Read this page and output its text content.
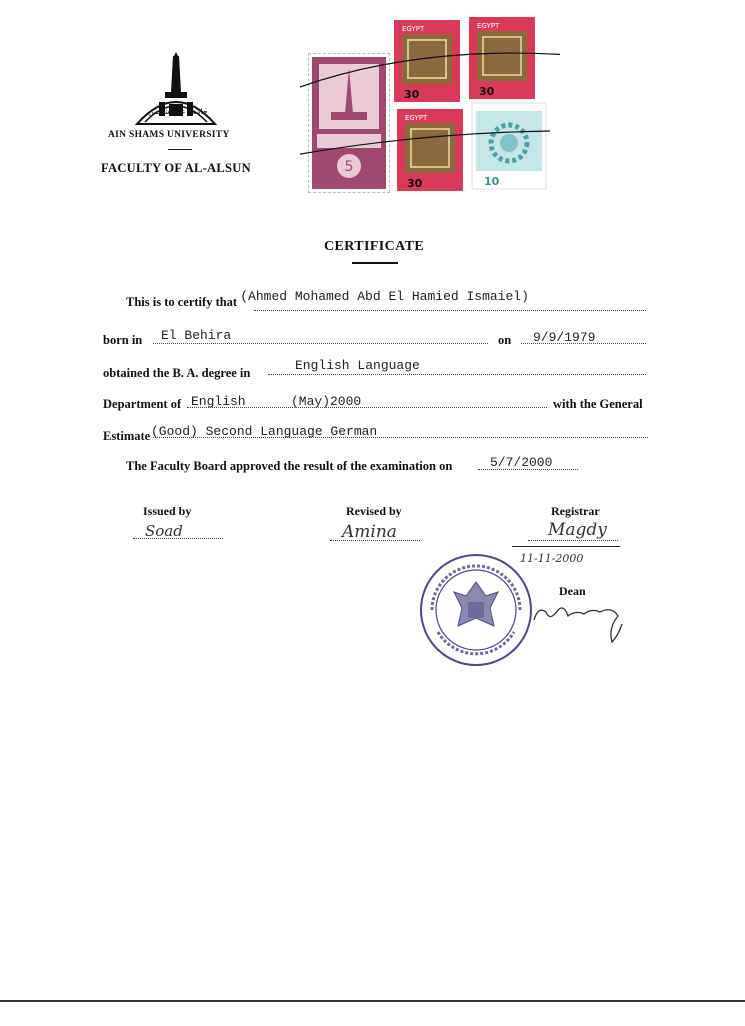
جامعة عين شمس
AIN SHAMS UNIVERSITY
FACULTY OF AL-ALSUN	5
EGYPT
30
EGYPT
30
EGYPT
30	10
CERTIFICATE
This is to certify that (Ahmed Mohamed Abd El Hamied Ismaiel)
born in El Behira	on 9/9/1979
obtained the B. A. degree in	English Language
Department of English	(May)2000	with the General
Estimate (Good) Second Language German
The Faculty Board approved the result of the examination on	5/7/2000
Issued by
Soad
Revised by
Amina
Registrar
Magdy
11-11-2000
Dean
